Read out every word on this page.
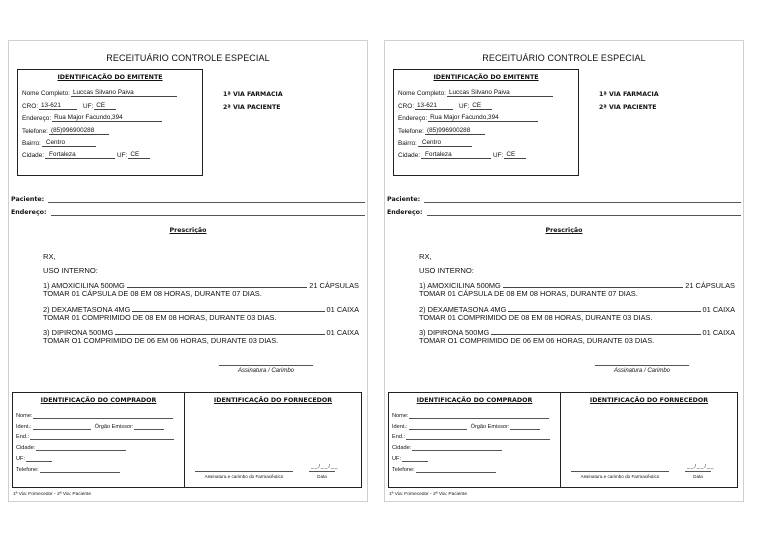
RECEITUÁRIO CONTROLE ESPECIAL
IDENTIFICAÇÃO DO EMITENTE
Nome Completo: Luccas Silvano Paiva
CRO: 13-621	UF: CE
Endereço: Rua Major Facundo,394
Telefone: (85)996900288
Bairro: Centro
Cidade: Fortaleza	UF: CE
1ª VIA FARMACIA
2ª VIA PACIENTE
Paciente:
Endereço:
Prescrição
RX,
USO INTERNO:
1) AMOXICILINA 500MG	21 CÁPSULAS
TOMAR 01 CÁPSULA DE 08 EM 08 HORAS, DURANTE 07 DIAS.
2) DEXAMETASONA 4MG	01 CAIXA
TOMAR 01 COMPRIMIDO DE 08 EM 08 HORAS, DURANTE 03 DIAS.
3) DIPIRONA 500MG	01 CAIXA
TOMAR O1 COMPRIMIDO DE 06 EM 06 HORAS, DURANTE 03 DIAS.
Assinatura / Carimbo
IDENTIFICAÇÃO DO COMPRADOR
Nome:
Ident.:	Órgão Emissor:
End.:
Cidade:
UF:
Telefone:
IDENTIFICAÇÃO DO FORNECEDOR
__/__/__
Assinatura e carimbo do Farmacêutico	Data
1ª Via: Fornecedor - 2ª Via: Paciente
RECEITUÁRIO CONTROLE ESPECIAL
IDENTIFICAÇÃO DO EMITENTE
Nome Completo: Luccas Silvano Paiva
CRO: 13-621	UF: CE
Endereço: Rua Major Facundo,394
Telefone: (85)996900288
Bairro: Centro
Cidade: Fortaleza	UF: CE
1ª VIA FARMACIA
2ª VIA PACIENTE
Paciente:
Endereço:
Prescrição
RX,
USO INTERNO:
1) AMOXICILINA 500MG	21 CÁPSULAS
TOMAR 01 CÁPSULA DE 08 EM 08 HORAS, DURANTE 07 DIAS.
2) DEXAMETASONA 4MG	01 CAIXA
TOMAR 01 COMPRIMIDO DE 08 EM 08 HORAS, DURANTE 03 DIAS.
3) DIPIRONA 500MG	01 CAIXA
TOMAR O1 COMPRIMIDO DE 06 EM 06 HORAS, DURANTE 03 DIAS.
Assinatura / Carimbo
IDENTIFICAÇÃO DO COMPRADOR
Nome:
Ident.:	Órgão Emissor:
End.:
Cidade:
UF:
Telefone:
IDENTIFICAÇÃO DO FORNECEDOR
__/__/__
Assinatura e carimbo do Farmacêutico	Data
1ª Via: Fornecedor - 2ª Via: Paciente
